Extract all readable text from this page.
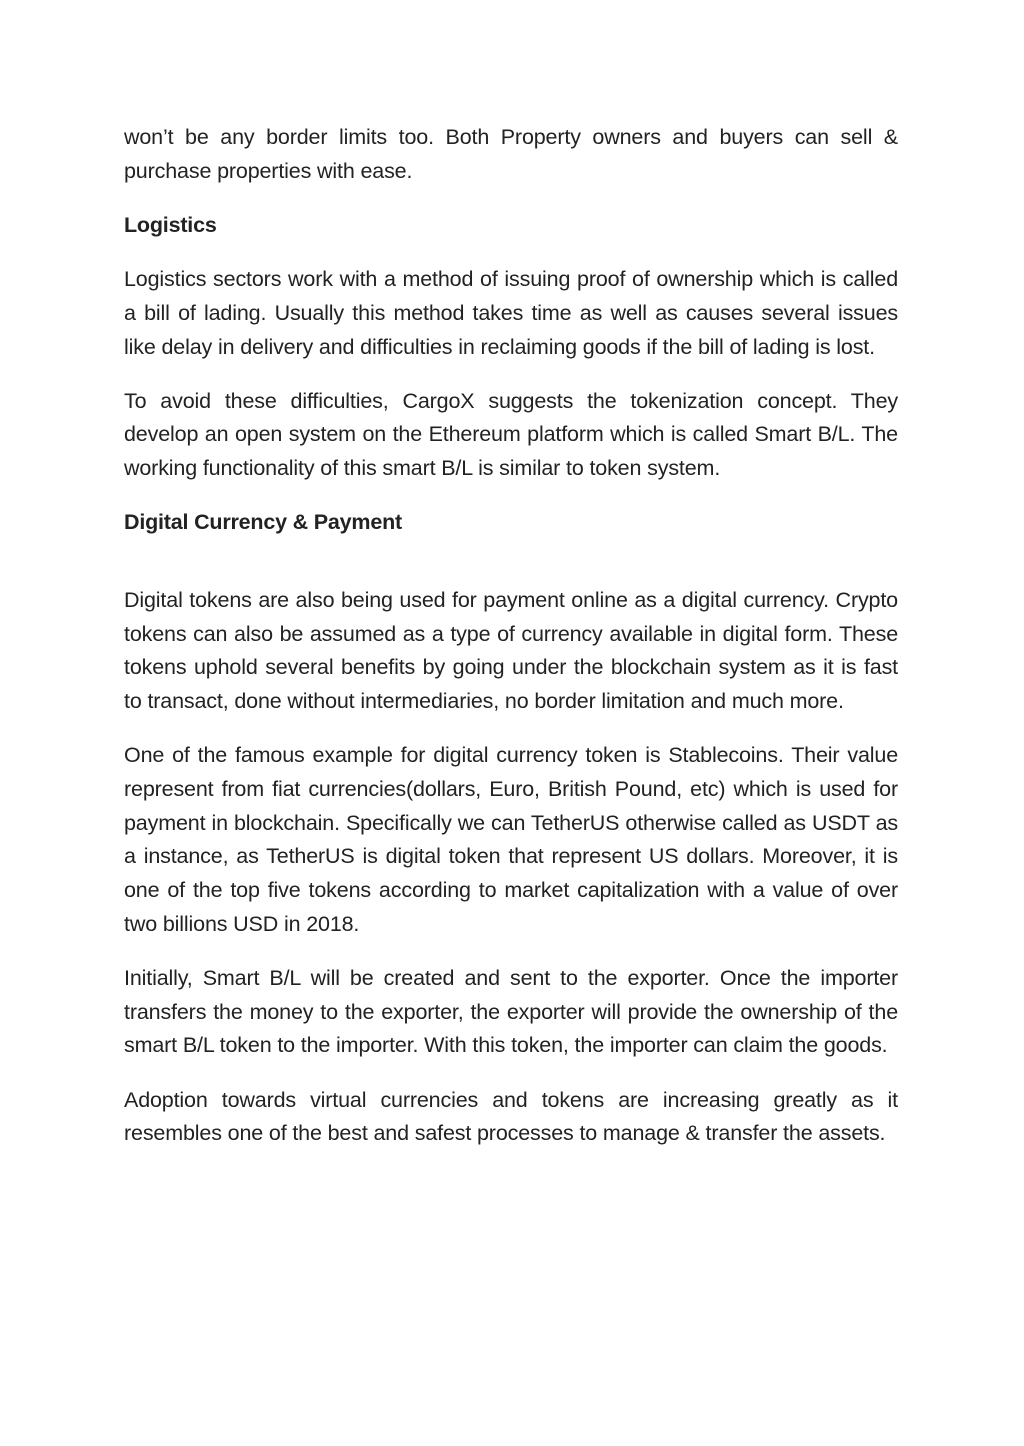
won’t be any border limits too. Both Property owners and buyers can sell & purchase properties with ease.

Logistics

Logistics sectors work with a method of issuing proof of ownership which is called a bill of lading. Usually this method takes time as well as causes several issues like delay in delivery and difficulties in reclaiming goods if the bill of lading is lost.

To avoid these difficulties, CargoX suggests the tokenization concept. They develop an open system on the Ethereum platform which is called Smart B/L. The working functionality of this smart B/L is similar to token system.

Digital Currency & Payment

Digital tokens are also being used for payment online as a digital currency. Crypto tokens can also be assumed as a type of currency available in digital form. These tokens uphold several benefits by going under the blockchain system as it is fast to transact, done without intermediaries, no border limitation and much more.

One of the famous example for digital currency token is Stablecoins. Their value represent from fiat currencies(dollars, Euro, British Pound, etc) which is used for payment in blockchain. Specifically we can TetherUS otherwise called as USDT as a instance, as TetherUS is digital token that represent US dollars. Moreover, it is one of the top five tokens according to market capitalization with a value of over two billions USD in 2018.

Initially, Smart B/L will be created and sent to the exporter. Once the importer transfers the money to the exporter, the exporter will provide the ownership of the smart B/L token to the importer. With this token, the importer can claim the goods.

Adoption towards virtual currencies and tokens are increasing greatly as it resembles one of the best and safest processes to manage & transfer the assets.
